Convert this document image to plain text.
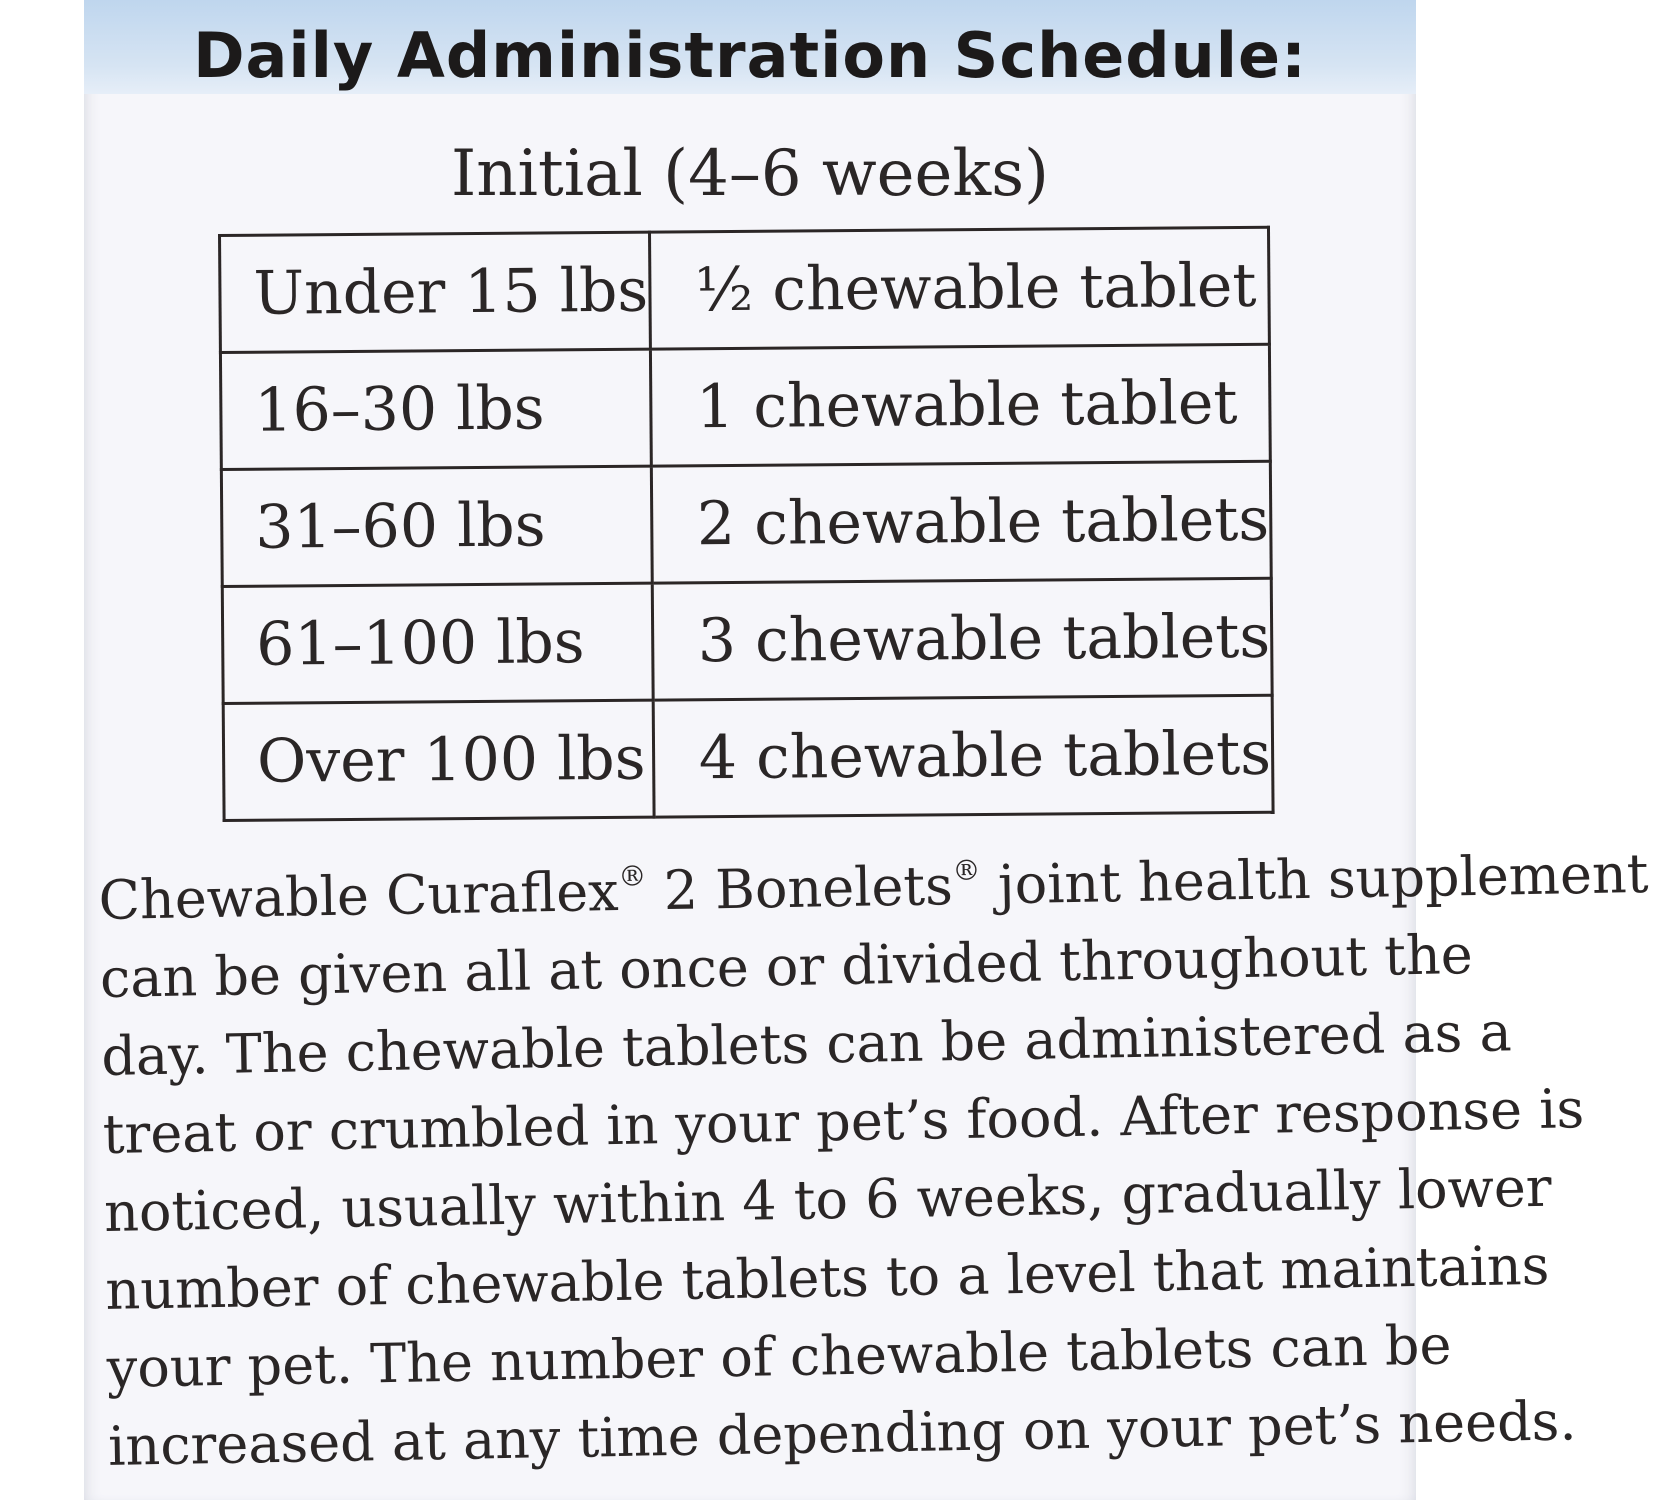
Daily Administration Schedule:
Initial (4–6 weeks)
Under 15 lbs	½ chewable tablet
16–30 lbs	1 chewable tablet
31–60 lbs	2 chewable tablets
61–100 lbs	3 chewable tablets
Over 100 lbs	4 chewable tablets
Chewable Curaflex® 2 Bonelets® joint health supplement
can be given all at once or divided throughout the
day. The chewable tablets can be administered as a
treat or crumbled in your pet’s food. After response is
noticed, usually within 4 to 6 weeks, gradually lower
number of chewable tablets to a level that maintains
your pet. The number of chewable tablets can be
increased at any time depending on your pet’s needs.
